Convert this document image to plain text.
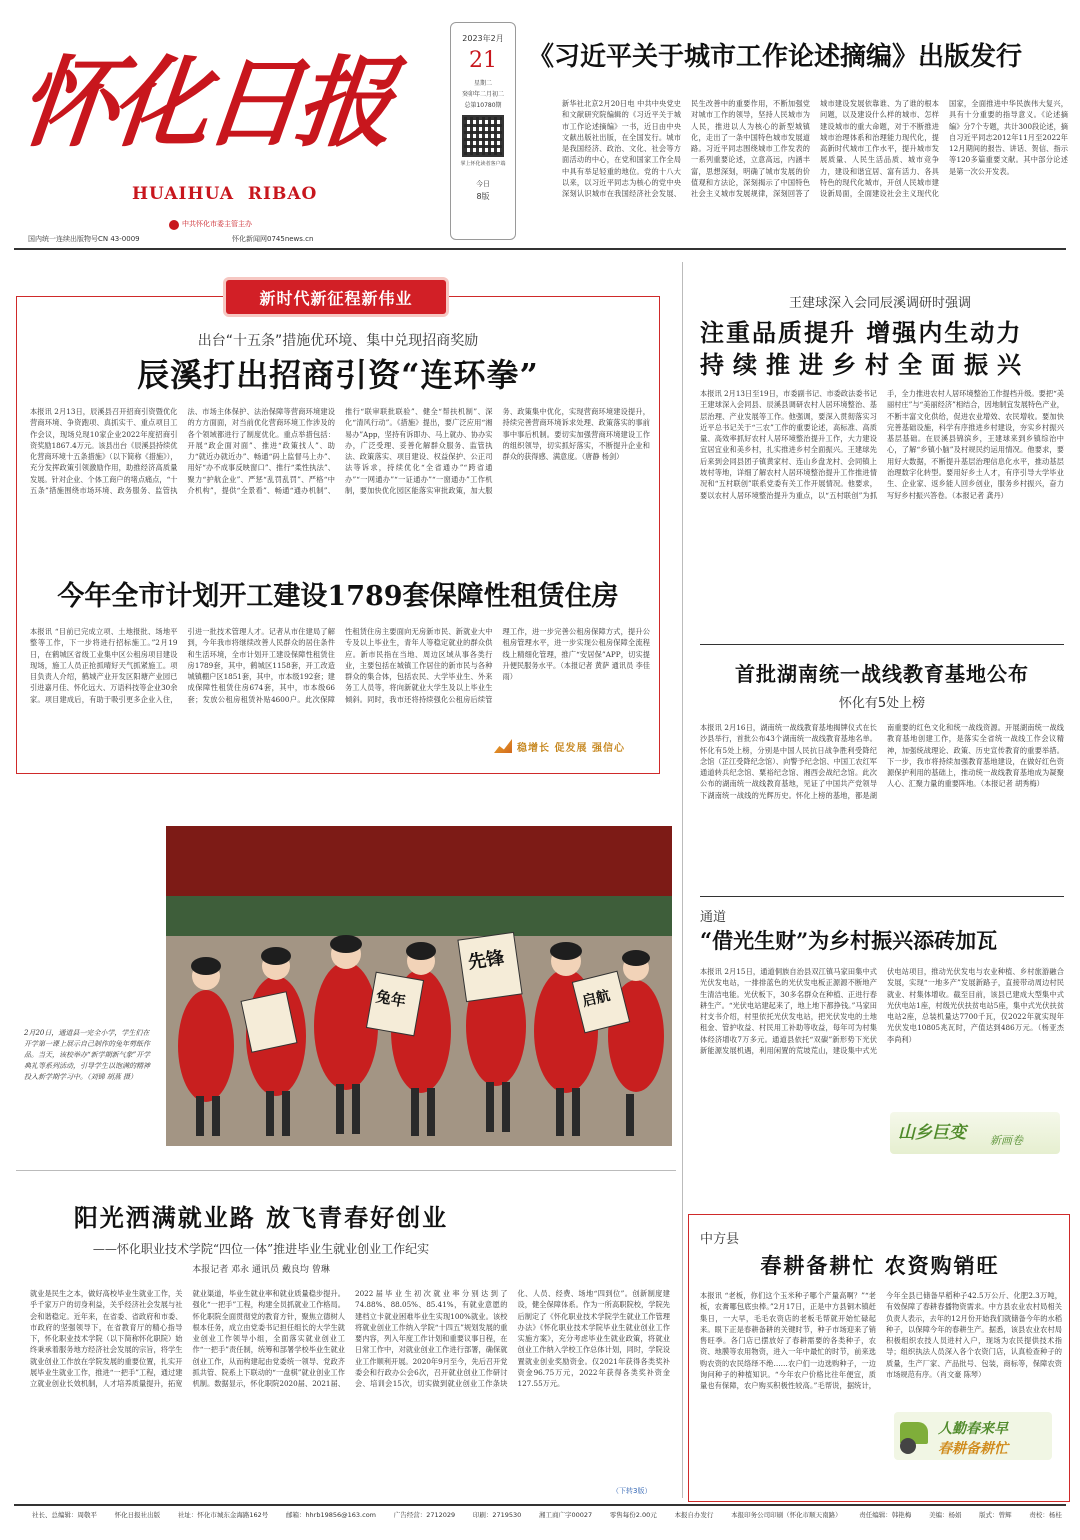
怀化日报
HUAIHUA  RIBAO
中共怀化市委主管主办
国内统一连续出版物号CN 43-0009	怀化新闻网0745news.cn
2023年2月
21
星期二
癸卯年二月初二
总第10780期
掌上怀化读者客户端
今日
8版
《习近平关于城市工作论述摘编》出版发行
新华社北京2月20日电 中共中央党史和文献研究院编辑的《习近平关于城市工作论述摘编》一书，近日由中央文献出版社出版，在全国发行。城市是我国经济、政治、文化、社会等方面活动的中心，在党和国家工作全局中具有举足轻重的地位。党的十八大以来，以习近平同志为核心的党中央深刻认识城市在我国经济社会发展、民生改善中的重要作用，不断加强党对城市工作的领导，坚持人民城市为人民，推进以人为核心的新型城镇化，走出了一条中国特色城市发展道路。习近平同志围绕城市工作发表的一系列重要论述，立意高远，内涵丰富，思想深刻，明确了城市发展的价值观和方法论，深刻揭示了中国特色社会主义城市发展规律，深刻回答了城市建设发展依靠谁、为了谁的根本问题，以及建设什么样的城市、怎样建设城市的重大命题，对于不断推进城市治理体系和治理能力现代化，提高新时代城市工作水平，提升城市发展质量、人民生活品质、城市竞争力，建设和谐宜居、富有活力、各具特色的现代化城市，开创人民城市建设新局面，全面建设社会主义现代化国家，全面推进中华民族伟大复兴，具有十分重要的指导意义。《论述摘编》分7个专题，共计300段论述，摘自习近平同志2012年11月至2022年12月期间的报告、讲话、贺信、指示等120多篇重要文献。其中部分论述是第一次公开发表。
新时代新征程新伟业
出台“十五条”措施优环境、集中兑现招商奖励
辰溪打出招商引资“连环拳”
本报讯 2月13日，辰溪县召开招商引资暨优化营商环境、争资跑项、真抓实干、重点项目工作会议，现场兑现10家企业2022年度招商引资奖励1867.4万元。该县出台《辰溪县持续优化营商环境十五条措施》（以下简称《措施》），充分发挥政策引领激励作用，助推经济高质量发展。针对企业、个体工商户的堵点痛点，“十五条”措施围绕市场环境、政务服务、监管执法、市场主体保护、法治保障等营商环境建设的方方面面，对当前优化营商环境工作涉及的各个领域都进行了制度优化。重点举措包括：开展“政企面对面”、推进“政策找人”、助力“就近办就近办”、畅通“码上监督马上办”、用好“办不成事反映窗口”、推行“柔性执法”、聚力“护航企业”、严惩“乱罚乱罚”、严格“中介机构”，提供“全景看”、畅通“通办机制”、推行“联审联批联验”、健全“帮扶机制”、深化“清风行动”。《措施》提出，要广泛应用“湘易办”App，坚持有诉即办、马上就办、协办实办，广泛受理、妥善化解群众服务、监管执法、政策落实、项目建设、权益保护、公正司法等诉求，持续优化“全省通办”“跨省通办”“一网通办”“一证通办”“一窗通办”工作机制，要加快优化园区能落实审批政策，加大服务、政策集中优化，实现营商环境建设提升，持续完善营商环境诉求处理、政策落实的事前事中事后机制。要切实加强营商环境建设工作的组织领导，切实抓好落实，不断提升企业和群众的获得感、满意度。（唐静 杨剑）
今年全市计划开工建设1789套保障性租赁住房
本报讯 “目前已完成立项、土地报批、场地平整等工作，下一步将进行招标施工。”2月19日，在鹤城区省级工业集中区公租房项目建设现场，施工人员正抢抓晴好天气抓紧施工。项目负责人介绍，鹤城产业开发区阳塘产业园已引进嘉月佳、怀化远大、万语科技等企业30余家。项目建成后，有助于吸引更多企业入住，引进一批技术管理人才。记者从市住建局了解到，今年我市将继续改善人民群众的居住条件和生活环境，全市计划开工建设保障性租赁住房1789套，其中，鹤城区1158套，开工改造城镇棚户区1851套，其中，市本级192套；建成保障性租赁住房674套，其中，市本级66套；发放公租房租赁补贴4600户。此次保障性租赁住房主要面向无房新市民、新就业大中专及以上毕业生，青年人等稳定就业的群众供应。新市民指在当地、周边区域从事各类行业，主要包括在城镇工作居住的新市民与各种群众的集合体，包括农民、大学毕业生、外来务工人员等，将向新就业大学生及以上毕业生倾斜。同时，我市还将持续强化公租房后续管理工作，进一步完善公租房保障方式，提升公租房管理水平，进一步实现公租房保障全流程线上精细化管理，推广“安居保”APP，切实提升便民服务水平。（本报记者 黄萨 通讯员 李佳雨）
稳增长 促发展 强信心
王建球深入会同辰溪调研时强调
注重品质提升 增强内生动力
持续推进乡村全面振兴
本报讯 2月13日至19日，市委副书记、市委政法委书记王建球深入会同县、辰溪县调研农村人居环境整治、基层治理、产业发展等工作。他强调，要深入贯彻落实习近平总书记关于“三农”工作的重要论述，高标准、高质量、高效率抓好农村人居环境整治提升工作，大力建设宜居宜业和美乡村，扎实推进乡村全面振兴。王建球先后来到会同县团子镇黄家村、连山乡盘龙村、会同镇上坡村等地，详细了解农村人居环境整治提升工作推进情况和“五村联创”联系党委有关工作开展情况。他要求，要以农村人居环境整治提升为重点，以“五村联创”为抓手，全力推进农村人居环境整治工作提档升级。要把“美丽村庄”与“美丽经济”相结合，因地制宜发展特色产业，不断丰富文化供给，促进农业增效、农民增收。要加快完善基础设施，科学有序推进乡村建设，夯实乡村振兴基层基础。在辰溪县锦滨乡，王建球来到乡镇综治中心，了解“乡镇小脑”及村规民约运用情况。他要求，要用好大数据，不断提升基层治理信息化水平，推动基层治理数字化转型。要用好乡土人才，有序引导大学毕业生、企业家、返乡能人回乡创业，服务乡村振兴，奋力写好乡村振兴答卷。（本报记者 龚丹）
首批湖南统一战线教育基地公布
怀化有5处上榜
本报讯 2月16日，湖南统一战线教育基地揭牌仪式在长沙县举行，首批公布43个湖南统一战线教育基地名单。怀化有5处上榜，分别是中国人民抗日战争胜利受降纪念馆（芷江受降纪念馆）、向警予纪念馆、中国工农红军通道转兵纪念馆、粟裕纪念馆、湘西会战纪念馆。此次公布的湖南统一战线教育基地，见证了中国共产党领导下湖南统一战线的光辉历史。怀化上榜的基地，都是湖南重要的红色文化和统一战线资源。开展湖南统一战线教育基地创建工作，是落实全省统一战线工作会议精神，加强统战理论、政策、历史宣传教育的重要举措。下一步，我市将持续加强教育基地建设，在做好红色资源保护利用的基础上，推动统一战线教育基地成为凝聚人心、汇聚力量的重要阵地。（本报记者 胡秀梅）
通道
“借光生财”为乡村振兴添砖加瓦
本报讯 2月15日，通道侗族自治县双江镇马家田集中式光伏发电站，一排排蓝色的光伏发电板正源源不断地产生清洁电能。光伏板下，30多名群众在种植、正进行春耕生产。“光伏电站建起来了，地上地下都挣钱。”马家田村支书介绍，村里依托光伏发电站，把光伏发电的土地租金、管护收益、村民用工补助等收益，每年可为村集体经济增收7万多元。通道县依托“双碳”新形势下光伏新能源发展机遇，利用闲置的荒坡荒山，建设集中式光伏电站项目，推动光伏发电与农业种植、乡村旅游融合发展，实现“一地多产”发展新路子，直接带动周边村民就业、村集体增收。截至目前，该县已建成大型集中式光伏电站1座，村级光伏扶贫电站5座，集中式光伏扶贫电站2座，总装机量达7700千瓦，仅2022年就实现年光伏发电10805兆瓦时，产值达到486万元。（杨亚杰 李尚利）
山乡巨变 新画卷
中方县
春耕备耕忙 农资购销旺
本报讯 “老板，你们这个玉米种子哪个产量高啊？”“老板，农膏哪包底虫棒。”2月17日，正是中方县铜木镇赶集日，一大早，毛毛农资店的老板毛帮就开始忙碌起来。眼下正是春耕备耕的关键时节，种子市场迎来了销售旺季。各门店已摆放好了春耕需要的各类种子，农资、地膜等农用物资，进入一年中最忙的时节，前来选购农资的农民络绎不绝……农户们一边选购种子，一边询问种子的种植知识。“今年农户价格比往年便宜，质量也有保障，农户购买积极性较高。”毛帮说，据统计，今年全县已储备早稻种子42.5万公斤、化肥2.3万吨，有效保障了春耕春播物资需求。中方县农业农村局相关负责人表示，去年的12月份开始我们就储备今年的水稻种子，以保障今年的春耕生产。据悉，该县农业农村局积极组织农技人员进村入户，现场为农民提供技术指导；组织执法人员深入各个农资门店，认真检查种子的质量，生产厂家、产品批号、包装，商标等，保障农资市场规范有序。（肖文豪 陈琴）
人勤春来早
春耕备耕忙
先锋
兔年	启航
2月20日，通道县一完全小学，学生们在开学第一课上展示自己制作的兔年剪纸作品。当天，该校举办“新学期新气象”开学典礼等系列活动，引导学生以饱满的精神投入新学期学习中。（刘锦 胡燕 摄）
阳光洒满就业路 放飞青春好创业
——怀化职业技术学院“四位一体”推进毕业生就业创业工作纪实
本报记者 邓永 通讯员 戴良均 曾琳
就业是民生之本，做好高校毕业生就业工作，关乎千家万户的切身利益，关乎经济社会发展与社会和谐稳定。近年来，在省委、省政府和市委、市政府的坚强领导下，在省教育厅的精心指导下，怀化职业技术学院（以下简称怀化职院）始终秉承着服务地方经济社会发展的宗旨，将学生就业创业工作放在学院发展的重要位置，扎实开展毕业生就业工作，推进“一把手”工程，通过建立就业创业长效机制，人才培养质量提升，拓宽就业渠道，毕业生就业率和就业质量稳步提升。强化“一把手”工程，构建全员抓就业工作格局。怀化职院全面贯彻党的教育方针，聚焦立德树人根本任务，成立由党委书记担任组长的大学生就业创业工作领导小组，全面落实就业创业工作“一把手”责任制，统筹和部署学校毕业生就业创业工作，从而构建起由党委统一领导、党政齐抓共管、院系上下联动的“一盘棋”就业创业工作机制。数据显示，怀化职院2020届、2021届、2022届毕业生初次就业率分别达到了74.88%、88.05%、85.41%，有就业意愿的建档立卡就业困难毕业生实现100%就业。该校将就业创业工作纳入学院“十四五”规划发展的重要内容，列入年度工作计划和重要议事日程，在日常工作中，对就业创业工作进行部署，确保就业工作顺利开展。2020年9月至今，先后召开党委会和行政办公会6次，召开就业创业工作研讨会、培训会15次，切实做到就业创业工作条块化、人员、经费、场地“四到位”。创新制度建设，健全保障体系。作为一所高职院校，学院先后制定了《怀化职业技术学院学生就业工作管理办法》《怀化职业技术学院毕业生就业创业工作实施方案》，充分考虑毕业生就业政策，将就业创业工作纳入学校工作总体计划，同时，学院设置就业创业奖励资金。仅2021年获得各类奖补资金96.75万元，2022年获得各类奖补资金127.55万元。
（下转3版）
社长、总编辑：周敬平	怀化日报社出版	社址：怀化市城东金海路162号	邮箱：hhrb19856@163.com	广告经营：2712029	印刷：2719530	湘工商广字00027	零售每份2.00元	本报自办发行	本报印务公司印刷（怀化市顺天南路）	责任编辑：韩艳梅	美编：杨娟	版式：曾辉	责校：杨桂
